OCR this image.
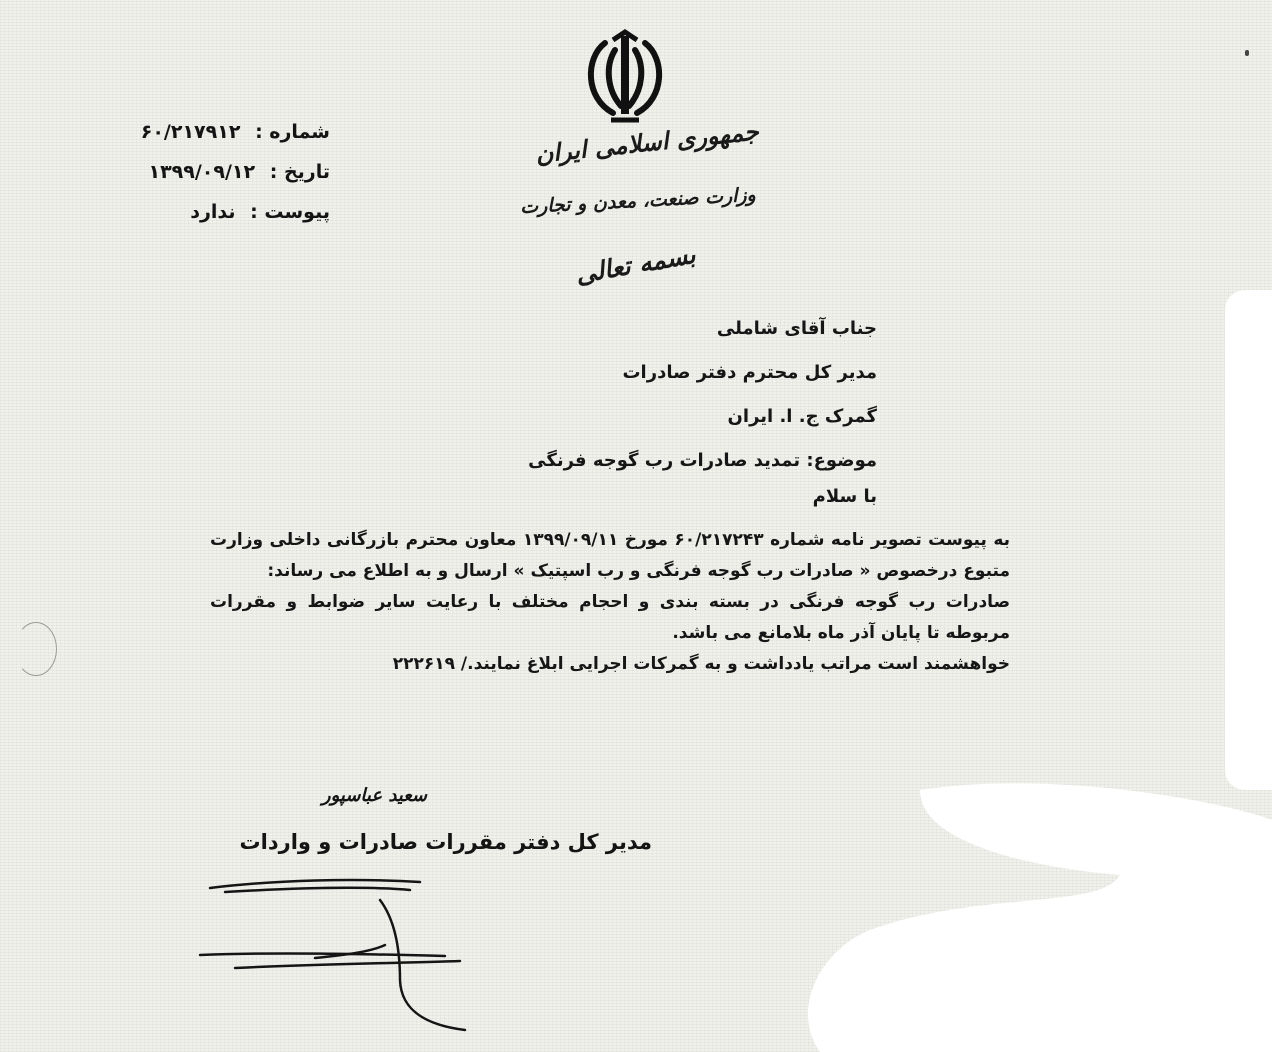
جمهوری اسلامی ایران
وزارت صنعت، معدن و تجارت
بسمه تعالی
شماره : ۶۰/۲۱۷۹۱۲
تاریخ : ۱۳۹۹/۰۹/۱۲
پیوست : ندارد
جناب آقای شاملی
مدیر کل محترم دفتر صادرات
گمرک ج. ا. ایران
موضوع: تمدید صادرات رب گوجه فرنگی
با سلام

به پیوست تصویر نامه شماره ۶۰/۲۱۷۲۴۳ مورخ ۱۳۹۹/۰۹/۱۱ معاون محترم بازرگانی داخلی وزارت متبوع درخصوص « صادرات رب گوجه فرنگی و رب اسپتیک » ارسال و به اطلاع می رساند:

صادرات رب گوجه فرنگی در بسته بندی و احجام مختلف با رعایت سایر ضوابط و مقررات مربوطه تا پایان آذر ماه بلامانع می باشد.

خواهشمند است مراتب یادداشت و به گمرکات اجرایی ابلاغ نمایند./ ۲۲۲۶۱۹

سعید عباسپور
مدیر کل دفتر مقررات صادرات و واردات
